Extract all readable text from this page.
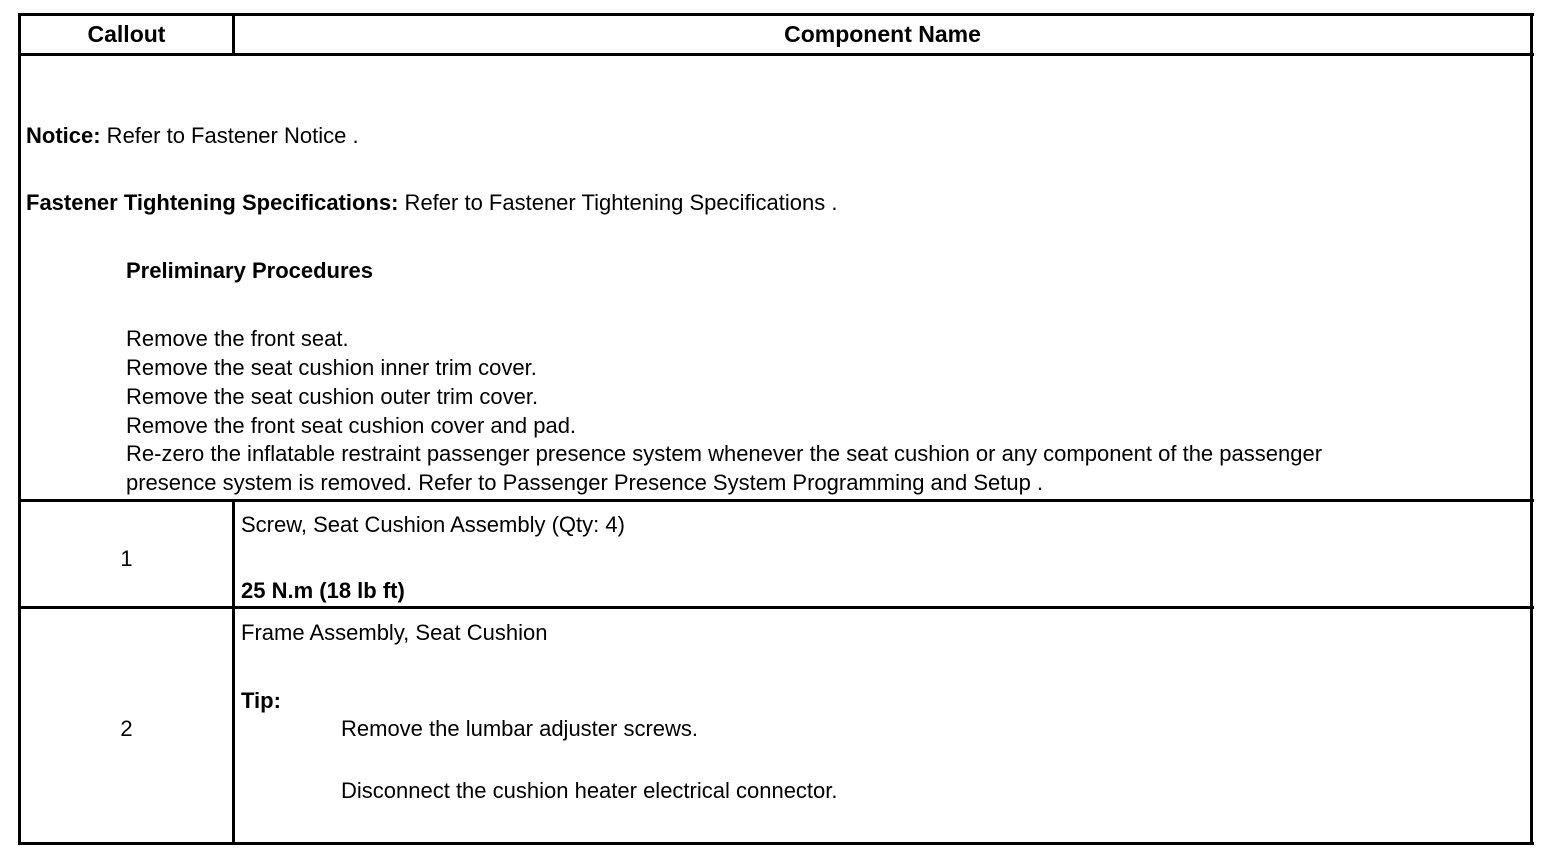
Callout	Component Name
Notice: Refer to Fastener Notice .
Fastener Tightening Specifications: Refer to Fastener Tightening Specifications .
Preliminary Procedures
Remove the front seat.
Remove the seat cushion inner trim cover.
Remove the seat cushion outer trim cover.
Remove the front seat cushion cover and pad.
Re-zero the inflatable restraint passenger presence system whenever the seat cushion or any component of the passenger
presence system is removed. Refer to Passenger Presence System Programming and Setup .
1
Screw, Seat Cushion Assembly (Qty: 4)
25 N.m (18 lb ft)
2
Frame Assembly, Seat Cushion
Tip:
Remove the lumbar adjuster screws.
Disconnect the cushion heater electrical connector.
